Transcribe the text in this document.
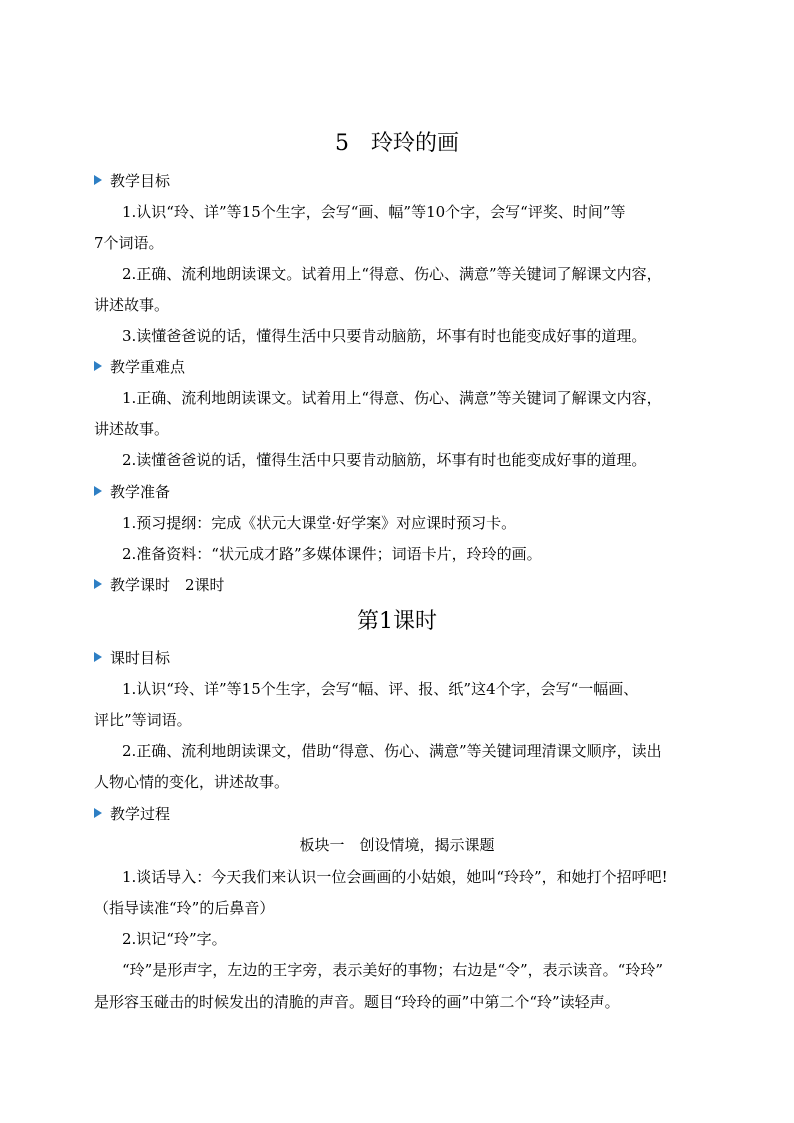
5　玲玲的画
教学目标
1.认识“玲、详”等15个生字，会写“画、幅”等10个字，会写“评奖、时间”等
7个词语。
2.正确、流利地朗读课文。试着用上“得意、伤心、满意”等关键词了解课文内容，
讲述故事。
3.读懂爸爸说的话，懂得生活中只要肯动脑筋，坏事有时也能变成好事的道理。
教学重难点
1.正确、流利地朗读课文。试着用上“得意、伤心、满意”等关键词了解课文内容，
讲述故事。
2.读懂爸爸说的话，懂得生活中只要肯动脑筋，坏事有时也能变成好事的道理。
教学准备
1.预习提纲：完成《状元大课堂·好学案》对应课时预习卡。
2.准备资料：“状元成才路”多媒体课件；词语卡片，玲玲的画。
教学课时　2课时
第1课时
课时目标
1.认识“玲、详”等15个生字，会写“幅、评、报、纸”这4个字，会写“一幅画、
评比”等词语。
2.正确、流利地朗读课文，借助“得意、伤心、满意”等关键词理清课文顺序，读出
人物心情的变化，讲述故事。
教学过程
板块一　创设情境，揭示课题
1.谈话导入：今天我们来认识一位会画画的小姑娘，她叫“玲玲”，和她打个招呼吧!
（指导读准“玲”的后鼻音）
2.识记“玲”字。
“玲”是形声字，左边的王字旁，表示美好的事物；右边是“令”，表示读音。“玲玲”
是形容玉碰击的时候发出的清脆的声音。题目“玲玲的画”中第二个“玲”读轻声。
